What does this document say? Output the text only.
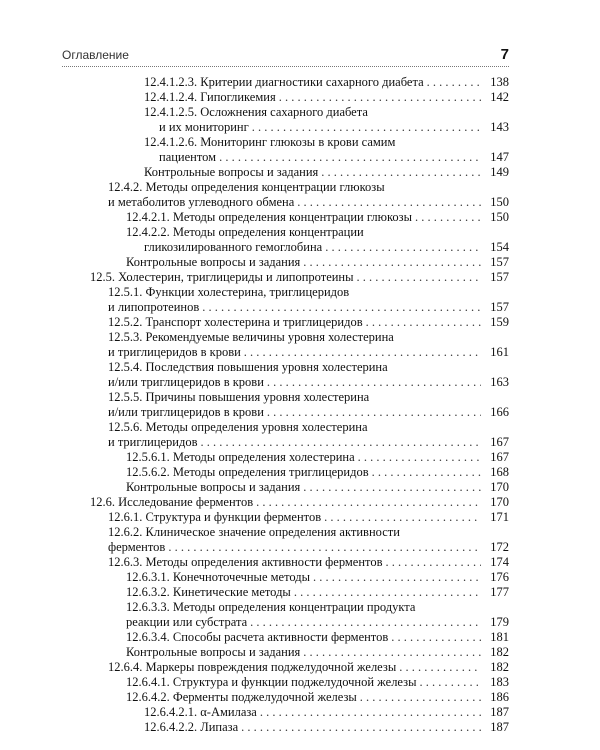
Оглавление	7
12.4.1.2.3. Критерии диагностики сахарного диабета . . .	138
12.4.1.2.4. Гипогликемия . . .	142
12.4.1.2.5. Осложнения сахарного диабета
и их мониторинг . . .	143
12.4.1.2.6. Мониторинг глюкозы в крови самим
пациентом . . .	147
Контрольные вопросы и задания . . .	149
12.4.2. Методы определения концентрации глюкозы
и метаболитов углеводного обмена . . .	150
12.4.2.1. Методы определения концентрации глюкозы . . .	150
12.4.2.2. Методы определения концентрации
гликозилированного гемоглобина . . .	154
Контрольные вопросы и задания . . .	157
12.5. Холестерин, триглицериды и липопротеины . . .	157
12.5.1. Функции холестерина, триглицеридов
и липопротеинов . . .	157
12.5.2. Транспорт холестерина и триглицеридов . . .	159
12.5.3. Рекомендуемые величины уровня холестерина
и триглицеридов в крови . . .	161
12.5.4. Последствия повышения уровня холестерина
и/или триглицеридов в крови . . .	163
12.5.5. Причины повышения уровня холестерина
и/или триглицеридов в крови . . .	166
12.5.6. Методы определения уровня холестерина
и триглицеридов . . .	167
12.5.6.1. Методы определения холестерина . . .	167
12.5.6.2. Методы определения триглицеридов . . .	168
Контрольные вопросы и задания . . .	170
12.6. Исследование ферментов . . .	170
12.6.1. Структура и функции ферментов . . .	171
12.6.2. Клиническое значение определения активности
ферментов . . .	172
12.6.3. Методы определения активности ферментов . . .	174
12.6.3.1. Конечноточечные методы . . .	176
12.6.3.2. Кинетические методы . . .	177
12.6.3.3. Методы определения концентрации продукта
реакции или субстрата . . .	179
12.6.3.4. Способы расчета активности ферментов . . .	181
Контрольные вопросы и задания . . .	182
12.6.4. Маркеры повреждения поджелудочной железы . . .	182
12.6.4.1. Структура и функции поджелудочной железы . . .	183
12.6.4.2. Ферменты поджелудочной железы . . .	186
12.6.4.2.1. α-Амилаза . . .	187
12.6.4.2.2. Липаза . . .	187
